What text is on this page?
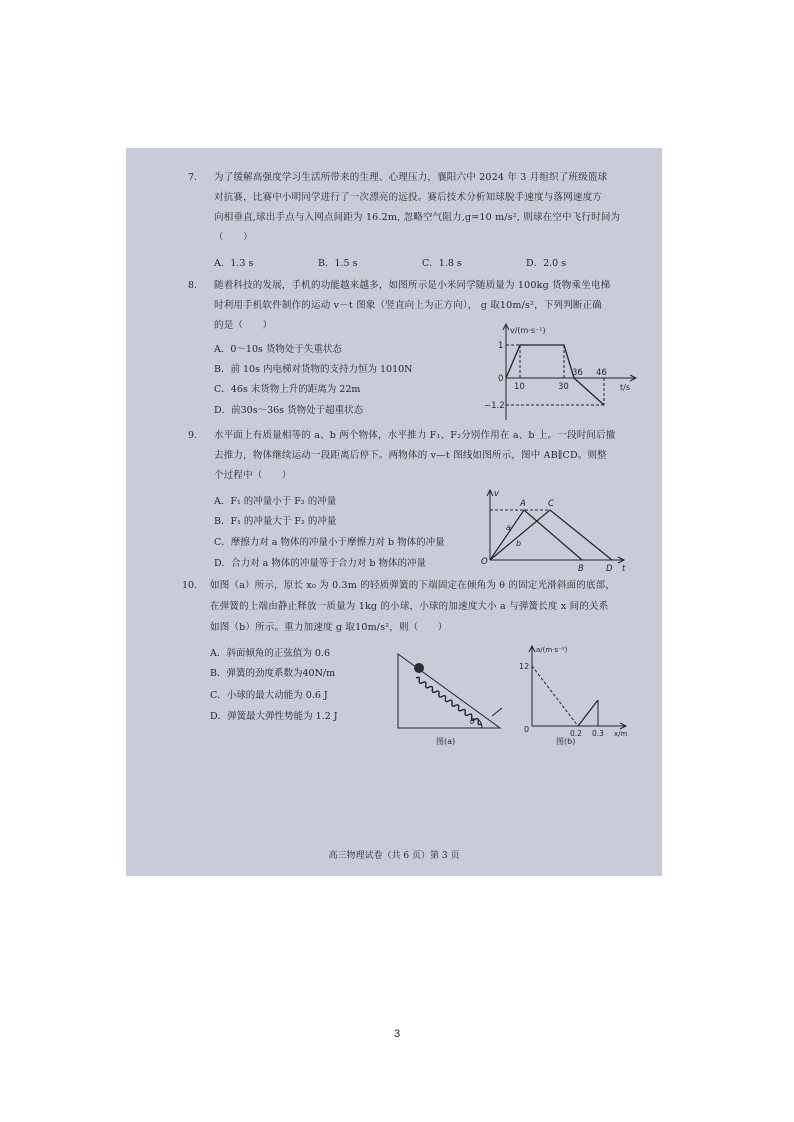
7. 为了缓解高强度学习生活所带来的生理、心理压力，襄阳六中 2024 年 3 月组织了班级篮球
对抗赛，比赛中小明同学进行了一次漂亮的远投。赛后技术分析知球脱手速度与落网速度方
向相垂直,球出手点与入网点间距为 16.2m, 忽略空气阻力,g=10 m/s², 则球在空中飞行时间为
（　　）
A．1.3 s	B．1.5 s	C．1.8 s	D．2.0 s
8. 随着科技的发展，手机的功能越来越多，如图所示是小米同学随质量为 100kg 货物乘坐电梯
时利用手机软件制作的运动 v－t 图象（竖直向上为正方向）， g 取10m/s²，下列判断正确
的是（　　）
A．0～10s 货物处于失重状态
B．前 10s 内电梯对货物的支持力恒为 1010N
C．46s 末货物上升的距离为 22m
D．前30s～36s 货物处于超重状态
v/(m·s⁻¹)
t/s
1
0
10	30
36 46
−1.2
9. 水平面上有质量相等的 a、b 两个物体，水平推力 F₁、F₂分别作用在 a、b 上。一段时间后撤
去推力，物体继续运动一段距离后停下。两物体的 v—t 图线如图所示，图中 AB∥CD。则整
个过程中（　　）
A．F₁ 的冲量小于 F₂ 的冲量
B．F₁ 的冲量大于 F₂ 的冲量
C．摩擦力对 a 物体的冲量小于摩擦力对 b 物体的冲量
D．合力对 a 物体的冲量等于合力对 b 物体的冲量
v
A	C
a
b
O
B	D t
10. 如图（a）所示，原长 x₀ 为 0.3m 的轻质弹簧的下端固定在倾角为 θ 的固定光滑斜面的底部，
在弹簧的上端由静止释放一质量为 1kg 的小球，小球的加速度大小 a 与弹簧长度 x 间的关系
如图（b）所示。重力加速度 g 取10m/s²，则（　　）
A．斜面倾角的正弦值为 0.6
B．弹簧的劲度系数为40N/m
C．小球的最大动能为 0.6 J
D．弹簧最大弹性势能为 1.2 J	θ
图(a)
a/(m·s⁻²)
x/m
12
0	0.2 0.3
图(b)
高三物理试卷（共 6 页）第 3 页
3
